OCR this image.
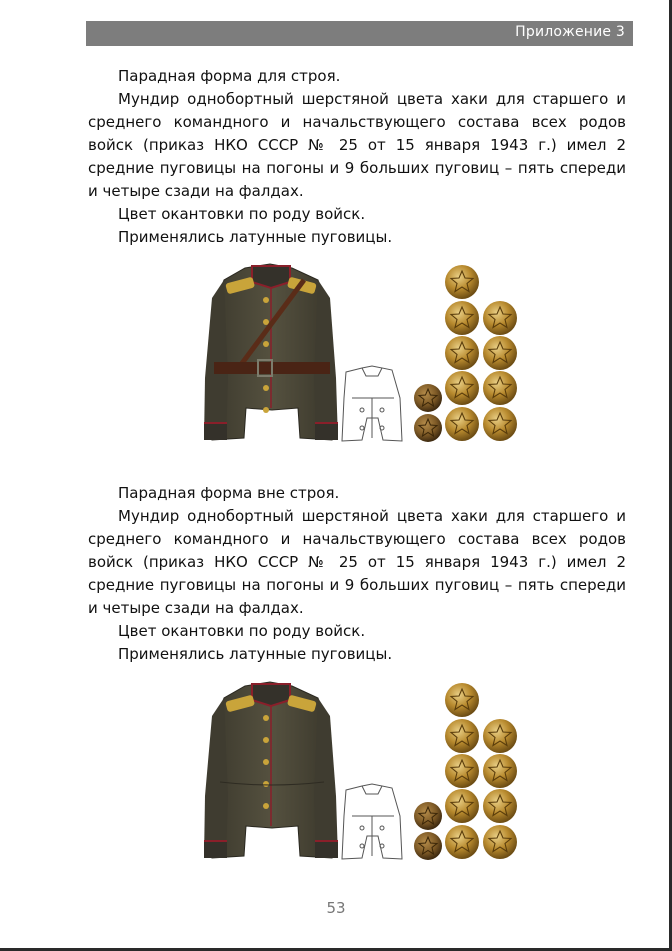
Приложение 3

Парадная форма для строя.

Мундир однобортный шерстяной цвета хаки для старшего и среднего командного и начальствующего состава всех родов войск (приказ НКО СССР № 25 от 15 января 1943 г.) имел 2 средние пуговицы на погоны и 9 больших пуговиц – пять спереди и четыре сзади на фалдах.

Цвет окантовки по роду войск.

Применялись латунные пуговицы.

Парадная форма вне строя.

Мундир однобортный шерстяной цвета хаки для старшего и среднего командного и начальствующего состава всех родов войск (приказ НКО СССР № 25 от 15 января 1943 г.) имел 2 средние пуговицы на погоны и 9 больших пуговиц – пять спереди и четыре сзади на фалдах.

Цвет окантовки по роду войск.

Применялись латунные пуговицы.

53
